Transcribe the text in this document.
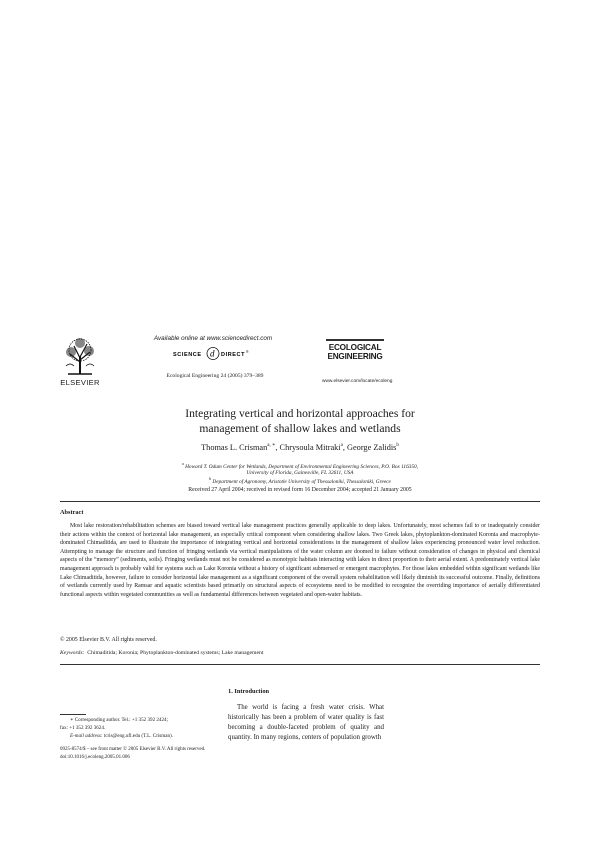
ELSEVIER
Available online at www.sciencedirect.com
SCIENCE d DIRECT ®
Ecological Engineering 24 (2005) 379–389
ECOLOGICAL
ENGINEERING
www.elsevier.com/locate/ecoleng
Integrating vertical and horizontal approaches for
management of shallow lakes and wetlands
Thomas L. Crisman$^{a, ∗}$, Chrysoula Mitraki$^a$, George Zalidis$^b$
$^a$ Howard T. Odum Center for Wetlands, Department of Environmental Engineering Sciences, P.O. Box 116350,
University of Florida, Gainesville, FL 32611, USA
$^b$ Department of Agronomy, Aristotle University of Thessaloniki, Thessaloniki, Greece
Received 27 April 2004; received in revised form 16 December 2004; accepted 21 January 2005
Abstract
Most lake restoration/rehabilitation schemes are biased toward vertical lake management practices generally applicable to deep lakes. Unfortunately, most schemes fail to or inadequately consider their actions within the context of horizontal lake management, an especially critical component when considering shallow lakes. Two Greek lakes, phytoplankton-dominated Koronia and macrophyte-dominated Chimaditida, are used to illustrate the importance of integrating vertical and horizontal considerations in the management of shallow lakes experiencing pronounced water level reduction. Attempting to manage the structure and function of fringing wetlands via vertical manipulations of the water column are doomed to failure without consideration of changes in physical and chemical aspects of the “memory” (sediments, soils). Fringing wetlands must not be considered as monotypic habitats interacting with lakes in direct proportion to their aerial extent. A predominately vertical lake management approach is probably valid for systems such as Lake Koronia without a history of significant submersed or emergent macrophytes. For those lakes embedded within significant wetlands like Lake Chimaditida, however, failure to consider horizontal lake management as a significant component of the overall system rehabilitation will likely diminish its successful outcome. Finally, definitions of wetlands currently used by Ramsar and aquatic scientists based primarily on structural aspects of ecosystems need to be modified to recognize the overriding importance of aerially differentiated functional aspects within vegetated communities as well as fundamental differences between vegetated and open-water habitats.
© 2005 Elsevier B.V. All rights reserved.
Keywords: Chimaditida; Koronia; Phytoplankton-dominated systems; Lake management
1. Introduction
The world is facing a fresh water crisis. What historically has been a problem of water quality is fast becoming a double-faceted problem of quality and quantity. In many regions, centers of population growth
∗ Corresponding author. Tel.: +1 352 392 2424;
fax: +1 352 392 3624.
E-mail address: tcris@eng.ufl.edu (T.L. Crisman).
0925-8574/$ – see front matter © 2005 Elsevier B.V. All rights reserved.
doi:10.1016/j.ecoleng.2005.01.006
